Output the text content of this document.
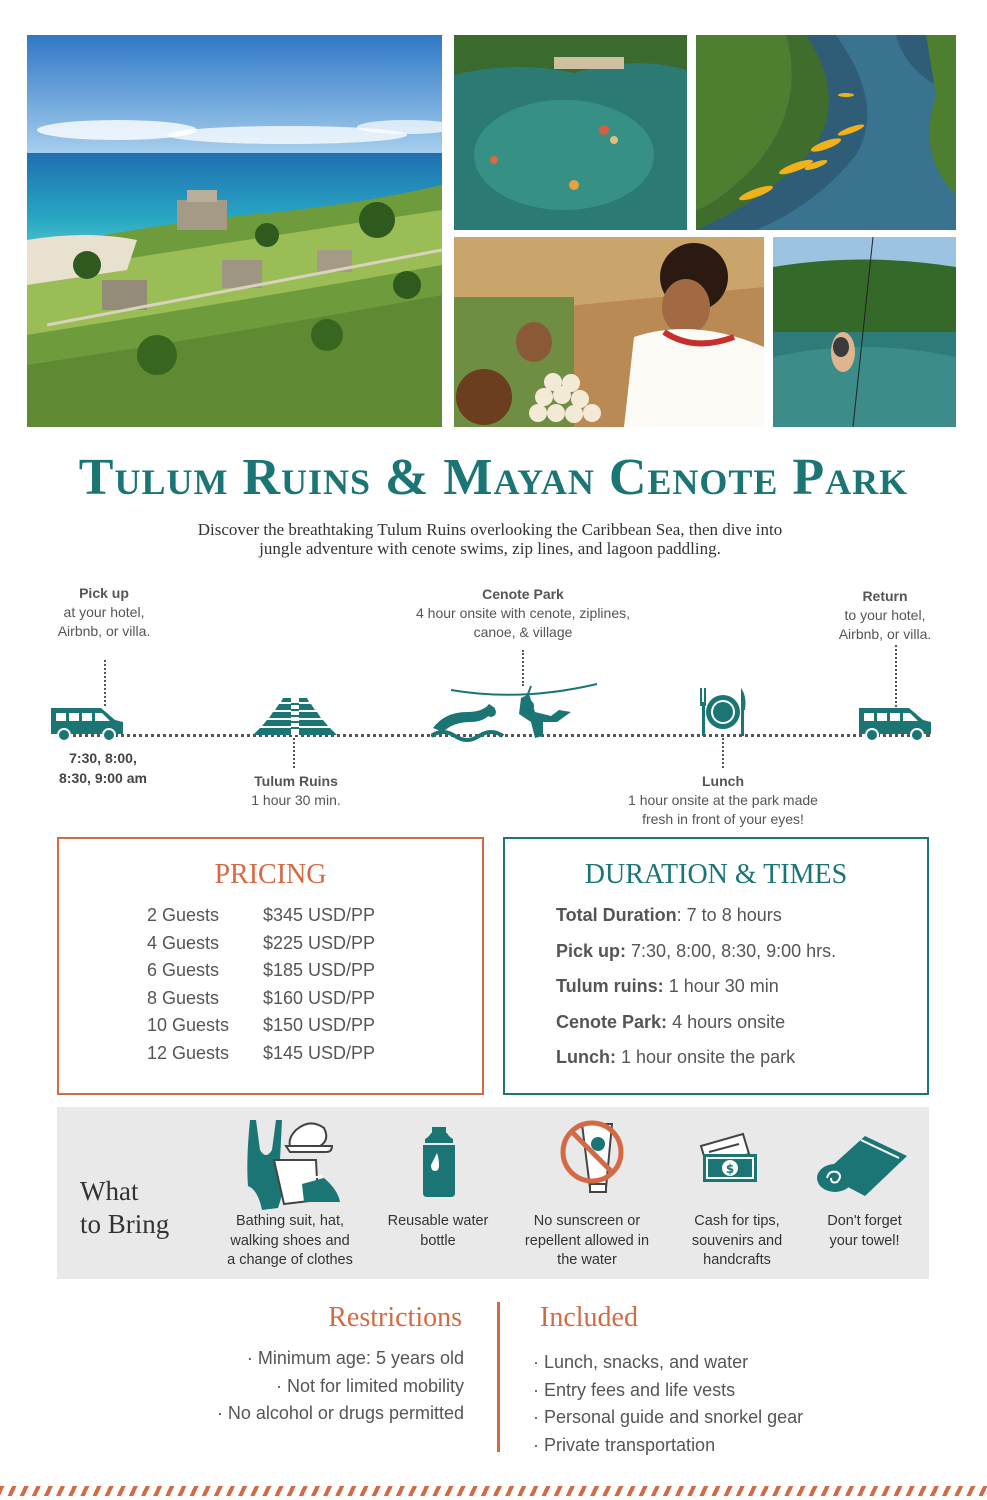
Tulum Ruins & Mayan Cenote Park
Discover the breathtaking Tulum Ruins overlooking the Caribbean Sea, then dive into
jungle adventure with cenote swims, zip lines, and lagoon paddling.
Pick up
at your hotel,
Airbnb, or villa.
7:30, 8:00,
8:30, 9:00 am	Tulum Ruins
1 hour 30 min.
Cenote Park
4 hour onsite with cenote, ziplines,
canoe, & village
Lunch
1 hour onsite at the park made
fresh in front of your eyes!
Return
to your hotel,
Airbnb, or villa.
PRICING
2 Guests $345 USD/PP
4 Guests $225 USD/PP
6 Guests $185 USD/PP
8 Guests $160 USD/PP
10 Guests $150 USD/PP
12 Guests $145 USD/PP
DURATION & TIMES
Total Duration: 7 to 8 hours
Pick up: 7:30, 8:00, 8:30, 9:00 hrs.
Tulum ruins: 1 hour 30 min
Cenote Park: 4 hours onsite
Lunch: 1 hour onsite the park
What
to Bring	Bathing suit, hat,
walking shoes and
a change of clothes
Reusable water
bottle
No sunscreen or
repellent allowed in
the water
$
Cash for tips,
souvenirs and
handcrafts
Don't forget
your towel!
Restrictions
· Minimum age: 5 years old
· Not for limited mobility
· No alcohol or drugs permitted
Included
· Lunch, snacks, and water
· Entry fees and life vests
· Personal guide and snorkel gear
· Private transportation
